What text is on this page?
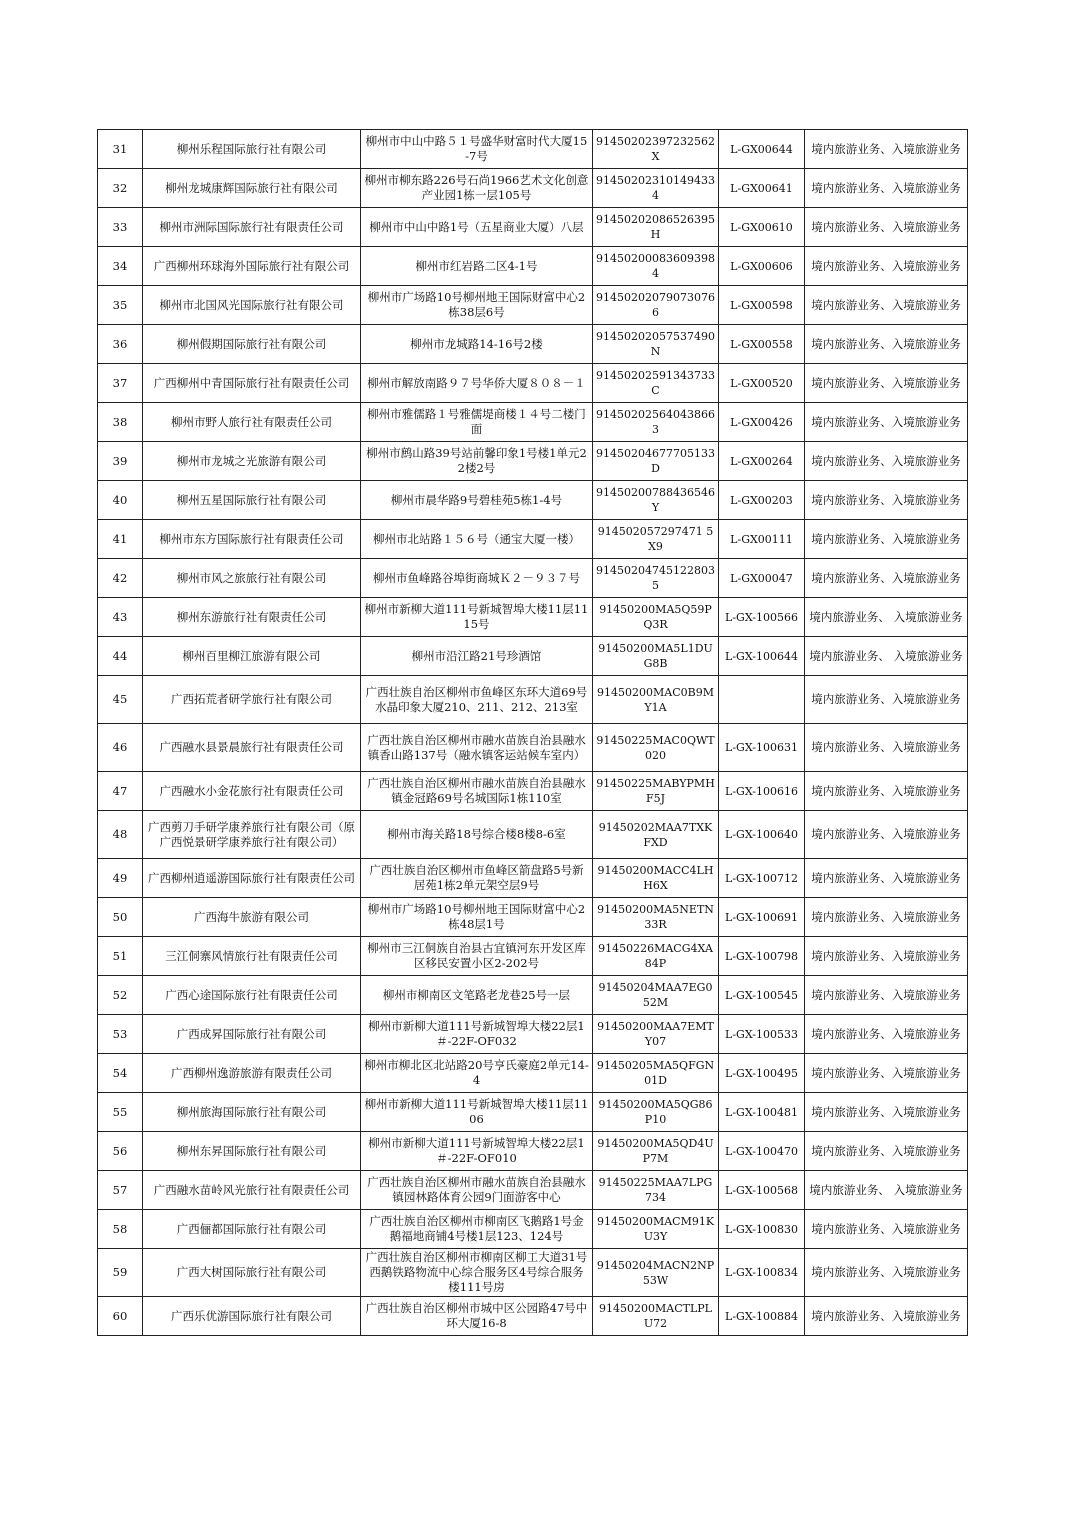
31	柳州乐程国际旅行社有限公司	柳州市中山中路５１号盛华财富时代大厦15-7号	91450202397232562X	L-GX00644	境内旅游业务、入境旅游业务
32	柳州龙城康辉国际旅行社有限公司	柳州市柳东路226号石尚1966艺术文化创意产业园1栋一层105号	914502023101494334	L-GX00641	境内旅游业务、入境旅游业务
33	柳州市洲际国际旅行社有限责任公司	柳州市中山中路1号（五星商业大厦）八层	91450202086526395H	L-GX00610	境内旅游业务、入境旅游业务
34	广西柳州环球海外国际旅行社有限公司	柳州市红岩路二区4-1号	914502000836093984	L-GX00606	境内旅游业务、入境旅游业务
35	柳州市北国风光国际旅行社有限公司	柳州市广场路10号柳州地王国际财富中心2栋38层6号	914502020790730766	L-GX00598	境内旅游业务、入境旅游业务
36	柳州假期国际旅行社有限公司	柳州市龙城路14-16号2楼	91450202057537490N	L-GX00558	境内旅游业务、入境旅游业务
37	广西柳州中青国际旅行社有限责任公司	柳州市解放南路９７号华侨大厦８０８－１	91450202591343733C	L-GX00520	境内旅游业务、入境旅游业务
38	柳州市野人旅行社有限责任公司	柳州市雅儒路１号雅儒堤商楼１４号二楼门面	914502025640438663	L-GX00426	境内旅游业务、入境旅游业务
39	柳州市龙城之光旅游有限公司	柳州市鹧山路39号站前馨印象1号楼1单元22楼2号	91450204677705133D	L-GX00264	境内旅游业务、入境旅游业务
40	柳州五星国际旅行社有限公司	柳州市晨华路9号碧桂苑5栋1-4号	91450200788436546Y	L-GX00203	境内旅游业务、入境旅游业务
41	柳州市东方国际旅行社有限责任公司	柳州市北站路１５６号（通宝大厦一楼）	914502057297471 5X9	L-GX00111	境内旅游业务、入境旅游业务
42	柳州市风之旅旅行社有限公司	柳州市鱼峰路谷埠街商城Ｋ２－９３７号	914502047451228035	L-GX00047	境内旅游业务、入境旅游业务
43	柳州东游旅行社有限责任公司	柳州市新柳大道111号新城智埠大楼11层1115号	91450200MA5Q59PQ3R	L-GX-100566	境内旅游业务、 入境旅游业务
44	柳州百里柳江旅游有限公司	柳州市沿江路21号珍酒馆	91450200MA5L1DUG8B	L-GX-100644	境内旅游业务、 入境旅游业务
45	广西拓荒者研学旅行社有限公司	广西壮族自治区柳州市鱼峰区东环大道69号水晶印象大厦210、211、212、213室	91450200MAC0B9MY1A		境内旅游业务、入境旅游业务
46	广西融水县景晨旅行社有限责任公司	广西壮族自治区柳州市融水苗族自治县融水镇香山路137号（融水镇客运站候车室内）	91450225MAC0QWT020	L-GX-100631	境内旅游业务、入境旅游业务
47	广西融水小金花旅行社有限责任公司	广西壮族自治区柳州市融水苗族自治县融水镇金冠路69号名城国际1栋110室	91450225MABYPMHF5J	L-GX-100616	境内旅游业务、入境旅游业务
48	广西剪刀手研学康养旅行社有限公司（原广西悦景研学康养旅行社有限公司）	柳州市海关路18号综合楼8楼8-6室	91450202MAA7TXKFXD	L-GX-100640	境内旅游业务、入境旅游业务
49	广西柳州逍遥游国际旅行社有限责任公司	广西壮族自治区柳州市鱼峰区箭盘路5号新居苑1栋2单元架空层9号	91450200MACC4LHH6X	L-GX-100712	境内旅游业务、入境旅游业务
50	广西海牛旅游有限公司	柳州市广场路10号柳州地王国际财富中心2栋48层1号	91450200MA5NETN33R	L-GX-100691	境内旅游业务、入境旅游业务
51	三江侗寨风情旅行社有限责任公司	柳州市三江侗族自治县古宜镇河东开发区库区移民安置小区2-202号	91450226MACG4XA84P	L-GX-100798	境内旅游业务、入境旅游业务
52	广西心途国际旅行社有限责任公司	柳州市柳南区文笔路老龙巷25号一层	91450204MAA7EG052M	L-GX-100545	境内旅游业务、入境旅游业务
53	广西成昇国际旅行社有限公司	柳州市新柳大道111号新城智埠大楼22层1＃-22F-OF032	91450200MAA7EMTY07	L-GX-100533	境内旅游业务、入境旅游业务
54	广西柳州逸游旅游有限责任公司	柳州市柳北区北站路20号亨氏豪庭2单元14-4	91450205MA5QFGN01D	L-GX-100495	境内旅游业务、入境旅游业务
55	柳州旅海国际旅行社有限公司	柳州市新柳大道111号新城智埠大楼11层1106	91450200MA5QG86P10	L-GX-100481	境内旅游业务、入境旅游业务
56	柳州东昇国际旅行社有限公司	柳州市新柳大道111号新城智埠大楼22层1＃-22F-OF010	91450200MA5QD4UP7M	L-GX-100470	境内旅游业务、入境旅游业务
57	广西融水苗岭风光旅行社有限责任公司	广西壮族自治区柳州市融水苗族自治县融水镇园林路体育公园9门面游客中心	91450225MAA7LPG734	L-GX-100568	境内旅游业务、 入境旅游业务
58	广西俪都国际旅行社有限公司	广西壮族自治区柳州市柳南区飞鹅路1号金鹅福地商铺4号楼1层123、124号	91450200MACM91KU3Y	L-GX-100830	境内旅游业务、入境旅游业务
59	广西大树国际旅行社有限公司	广西壮族自治区柳州市柳南区柳工大道31号西鹅铁路物流中心综合服务区4号综合服务楼111号房	91450204MACN2NP53W	L-GX-100834	境内旅游业务、入境旅游业务
60	广西乐优游国际旅行社有限公司	广西壮族自治区柳州市城中区公园路47号中环大厦16-8	91450200MACTLPLU72	L-GX-100884	境内旅游业务、入境旅游业务
